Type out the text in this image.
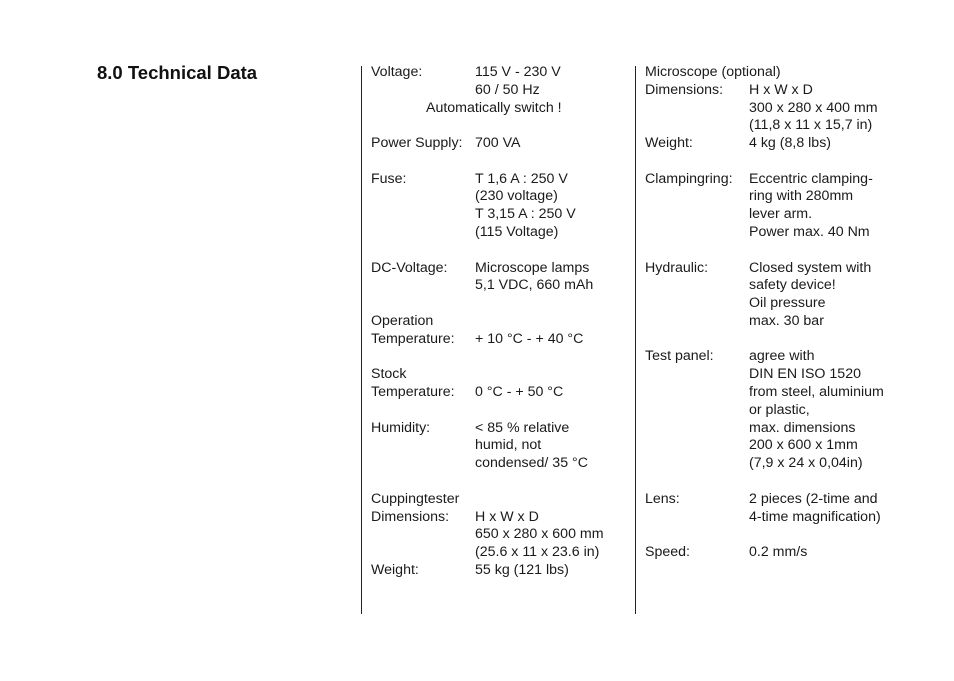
8.0 Technical Data	Voltage:	115 V - 230 V
60 / 50 Hz
Automatically switch !
Power Supply: 700 VA
Fuse:	T 1,6 A : 250 V
(230 voltage)
T 3,15 A : 250 V
(115 Voltage)
DC-Voltage: Microscope lamps
5,1 VDC, 660 mAh
Operation
Temperature: + 10 °C - + 40 °C
Stock
Temperature: 0 °C - + 50 °C
Humidity:	< 85 % relative
humid, not
condensed/ 35 °C
Cuppingtester
Dimensions: H x W x D
650 x 280 x 600 mm
(25.6 x 11 x 23.6 in)
Weight:	55 kg (121 lbs)
Microscope (optional)
Dimensions: H x W x D
300 x 280 x 400 mm
(11,8 x 11 x 15,7 in)
Weight:	4 kg (8,8 lbs)
Clampingring: Eccentric clamping-
ring with 280mm
lever arm.
Power max. 40 Nm
Hydraulic:	Closed system with
safety device!
Oil pressure
max. 30 bar
Test panel: agree with
DIN EN ISO 1520
from steel, aluminium
or plastic,
max. dimensions
200 x 600 x 1mm
(7,9 x 24 x 0,04in)
Lens:	2 pieces (2-time and
4-time magnification)
Speed:	0.2 mm/s
